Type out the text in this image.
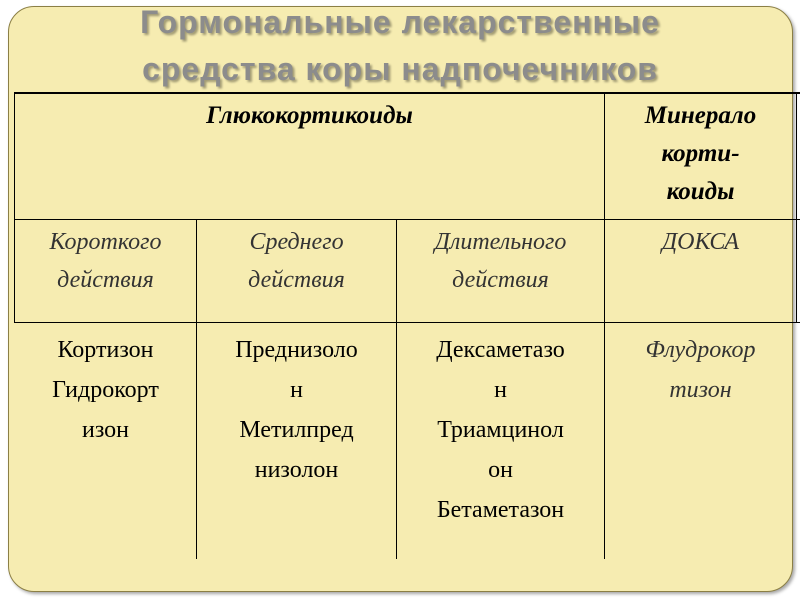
Гормональные лекарственные
средства коры надпочечников
Глюкокортикоиды	Минерало
корти-
коиды
Короткого
действия
Среднего
действия
Длительного
действия
ДОКСА
Кортизон
Гидрокорт
изон
Преднизоло
н
Метилпред
низолон
Дексаметазо
н
Триамцинол
он
Бетаметазон
Флудрокор
тизон
